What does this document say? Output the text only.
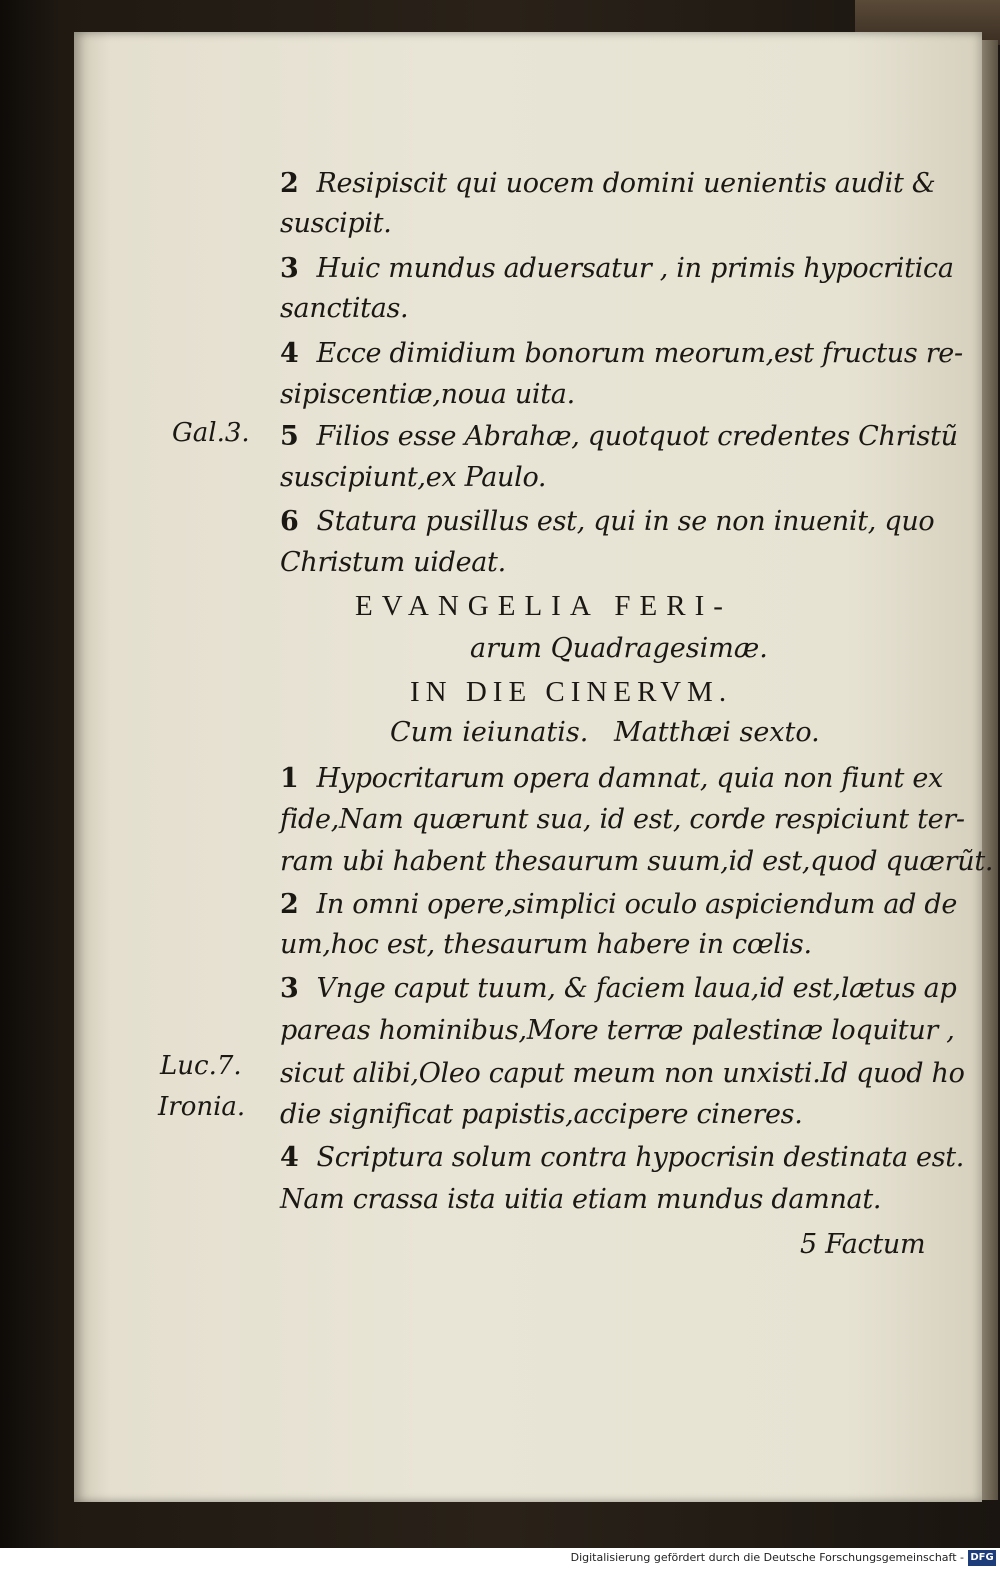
2 Resipiscit qui uocem domini uenientis audit &
suscipit.
3 Huic mundus aduersatur , in primis hypocritica
sanctitas.
4 Ecce dimidium bonorum meorum,est fructus re-
sipiscentiæ,noua uita.
5 Filios esse Abrahæ, quotquot credentes Christũ
suscipiunt,ex Paulo.
6 Statura pusillus est, qui in se non inuenit, quo
Christum uideat.
EVANGELIA FERI-
arum Quadragesimæ.
IN DIE CINERVM.
Cum ieiunatis.   Matthæi sexto.
1 Hypocritarum opera damnat, quia non fiunt ex
fide,Nam quærunt sua, id est, corde respiciunt ter-
ram ubi habent thesaurum suum,id est,quod quærũt.
2 In omni opere,simplici oculo aspiciendum ad de
um,hoc est, thesaurum habere in cœlis.
3 Vnge caput tuum, & faciem laua,id est,lætus ap
pareas hominibus,More terræ palestinæ loquitur ,
sicut alibi,Oleo caput meum non unxisti.Id quod ho
die significat papistis,accipere cineres.
4 Scriptura solum contra hypocrisin destinata est.
Nam crassa ista uitia etiam mundus damnat.
5 Factum
Gal.3.
Luc.7.
Ironia.
Digitalisierung gefördert durch die Deutsche Forschungsgemeinschaft - DFG
